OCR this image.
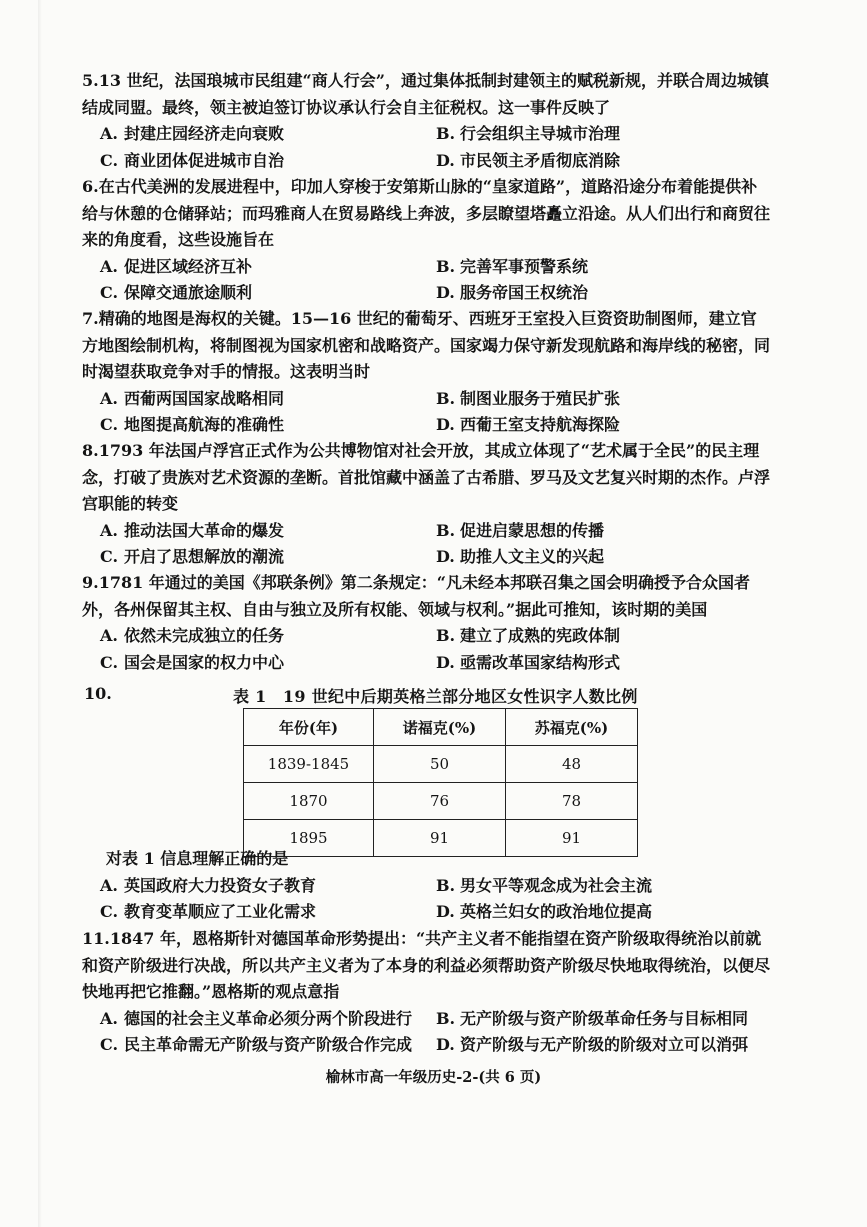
5.13 世纪，法国琅城市民组建“商人行会”，通过集体抵制封建领主的赋税新规，并联合周边城镇结成同盟。最终，领主被迫签订协议承认行会自主征税权。这一事件反映了

A. 封建庄园经济走向衰败	B. 行会组织主导城市治理
C. 商业团体促进城市自治	D. 市民领主矛盾彻底消除

6.在古代美洲的发展进程中，印加人穿梭于安第斯山脉的“皇家道路”，道路沿途分布着能提供补给与休憩的仓储驿站；而玛雅商人在贸易路线上奔波，多层瞭望塔矗立沿途。从人们出行和商贸往来的角度看，这些设施旨在

A. 促进区域经济互补	B. 完善军事预警系统
C. 保障交通旅途顺利	D. 服务帝国王权统治

7.精确的地图是海权的关键。15—16 世纪的葡萄牙、西班牙王室投入巨资资助制图师，建立官方地图绘制机构，将制图视为国家机密和战略资产。国家竭力保守新发现航路和海岸线的秘密，同时渴望获取竞争对手的情报。这表明当时

A. 西葡两国国家战略相同	B. 制图业服务于殖民扩张
C. 地图提高航海的准确性	D. 西葡王室支持航海探险

8.1793 年法国卢浮宫正式作为公共博物馆对社会开放，其成立体现了“艺术属于全民”的民主理念，打破了贵族对艺术资源的垄断。首批馆藏中涵盖了古希腊、罗马及文艺复兴时期的杰作。卢浮宫职能的转变

A. 推动法国大革命的爆发	B. 促进启蒙思想的传播
C. 开启了思想解放的潮流	D. 助推人文主义的兴起

9.1781 年通过的美国《邦联条例》第二条规定：“凡未经本邦联召集之国会明确授予合众国者外，各州保留其主权、自由与独立及所有权能、领域与权利。”据此可推知，该时期的美国

A. 依然未完成独立的任务	B. 建立了成熟的宪政体制
C. 国会是国家的权力中心	D. 亟需改革国家结构形式
10.	表 1　19 世纪中后期英格兰部分地区女性识字人数比例
年份(年)	诺福克(%)	苏福克(%)
1839-1845	50	48
1870	76	78
1895	91	91

对表 1 信息理解正确的是

A. 英国政府大力投资女子教育	B. 男女平等观念成为社会主流
C. 教育变革顺应了工业化需求	D. 英格兰妇女的政治地位提高

11.1847 年，恩格斯针对德国革命形势提出：“共产主义者不能指望在资产阶级取得统治以前就和资产阶级进行决战，所以共产主义者为了本身的利益必须帮助资产阶级尽快地取得统治，以便尽快地再把它推翻。”恩格斯的观点意指

A. 德国的社会主义革命必须分两个阶段进行	B. 无产阶级与资产阶级革命任务与目标相同
C. 民主革命需无产阶级与资产阶级合作完成	D. 资产阶级与无产阶级的阶级对立可以消弭
榆林市高一年级历史-2-(共 6 页)
